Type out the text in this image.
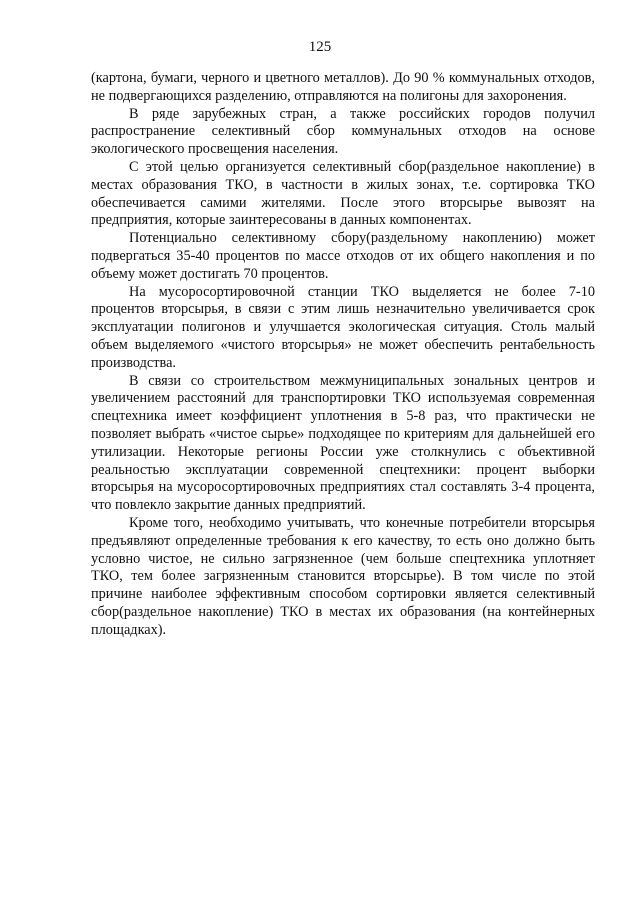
125

(картона, бумаги, черного и цветного металлов). До 90 % коммунальных отходов, не подвергающихся разделению, отправляются на полигоны для захоронения.

В ряде зарубежных стран, а также российских городов получил распространение селективный сбор коммунальных отходов на основе экологического просвещения населения.

С этой целью организуется селективный сбор(раздельное накопление) в местах образования ТКО, в частности в жилых зонах, т.е. сортировка ТКО обеспечивается самими жителями. После этого вторсырье вывозят на предприятия, которые заинтересованы в данных компонентах.

Потенциально селективному сбору(раздельному накоплению) может подвергаться 35-40 процентов по массе отходов от их общего накопления и по объему может достигать 70 процентов.

На мусоросортировочной станции ТКО выделяется не более 7-10 процентов вторсырья, в связи с этим лишь незначительно увеличивается срок эксплуатации полигонов и улучшается экологическая ситуация. Столь малый объем выделяемого «чистого вторсырья» не может обеспечить рентабельность производства.

В связи со строительством межмуниципальных зональных центров и увеличением расстояний для транспортировки ТКО используемая современная спецтехника имеет коэффициент уплотнения в 5-8 раз, что практически не позволяет выбрать «чистое сырье» подходящее по критериям для дальнейшей его утилизации. Некоторые регионы России уже столкнулись с объективной реальностью эксплуатации современной спецтехники: процент выборки вторсырья на мусоросортировочных предприятиях стал составлять 3-4 процента, что повлекло закрытие данных предприятий.

Кроме того, необходимо учитывать, что конечные потребители вторсырья предъявляют определенные требования к его качеству, то есть оно должно быть условно чистое, не сильно загрязненное (чем больше спецтехника уплотняет ТКО, тем более загрязненным становится вторсырье). В том числе по этой причине наиболее эффективным способом сортировки является селективный сбор(раздельное накопление) ТКО в местах их образования (на контейнерных площадках).
